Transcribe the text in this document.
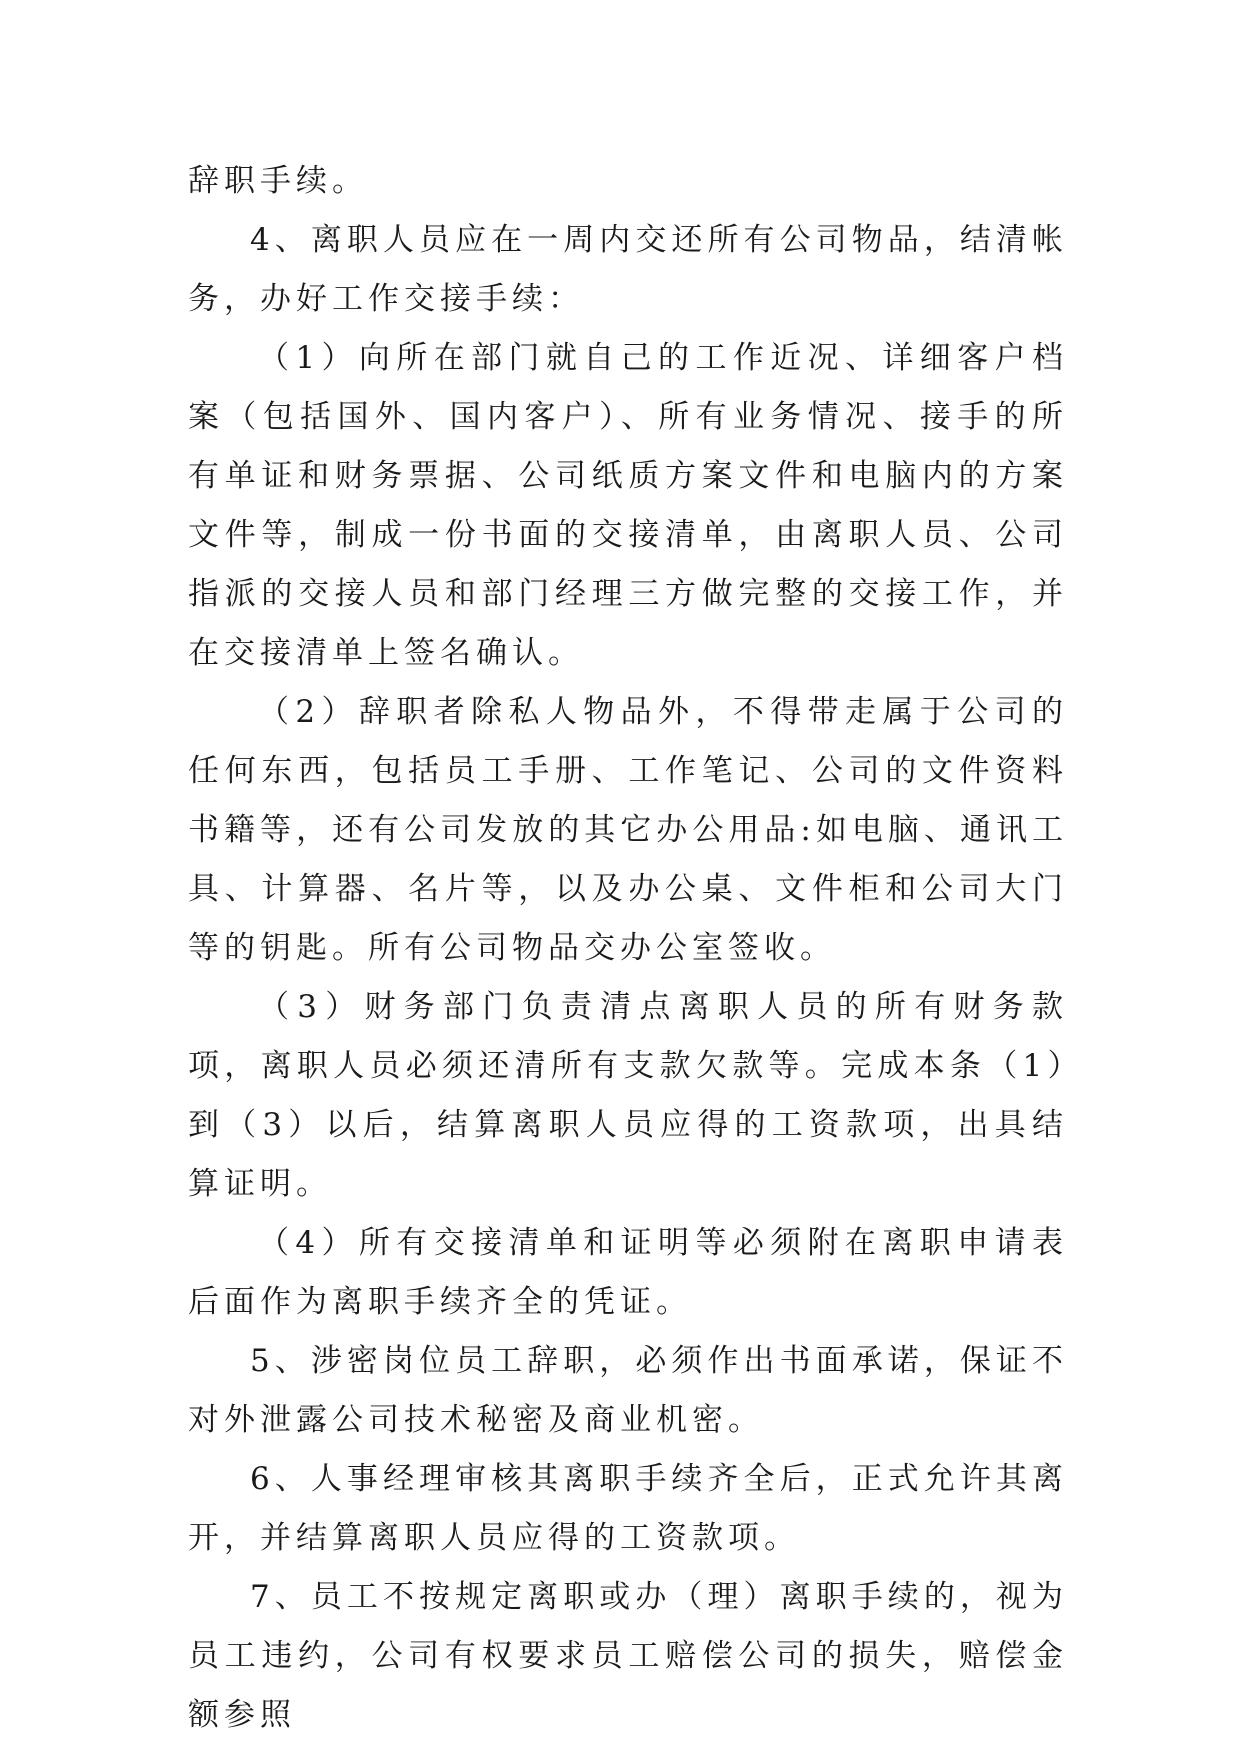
辞职手续。

4、离职人员应在一周内交还所有公司物品，结清帐务，办好工作交接手续：

（1）向所在部门就自己的工作近况、详细客户档案（包括国外、国内客户）、所有业务情况、接手的所有单证和财务票据、公司纸质方案文件和电脑内的方案文件等，制成一份书面的交接清单，由离职人员、公司指派的交接人员和部门经理三方做完整的交接工作，并在交接清单上签名确认。

（2）辞职者除私人物品外，不得带走属于公司的任何东西，包括员工手册、工作笔记、公司的文件资料书籍等，还有公司发放的其它办公用品:如电脑、通讯工具、计算器、名片等，以及办公桌、文件柜和公司大门等的钥匙。所有公司物品交办公室签收。

（3）财务部门负责清点离职人员的所有财务款项，离职人员必须还清所有支款欠款等。完成本条（1）到（3）以后，结算离职人员应得的工资款项，出具结算证明。

（4）所有交接清单和证明等必须附在离职申请表后面作为离职手续齐全的凭证。

5、涉密岗位员工辞职，必须作出书面承诺，保证不对外泄露公司技术秘密及商业机密。

6、人事经理审核其离职手续齐全后，正式允许其离开，并结算离职人员应得的工资款项。

7、员工不按规定离职或办（理）离职手续的，视为员工违约，公司有权要求员工赔偿公司的损失，赔偿金额参照
